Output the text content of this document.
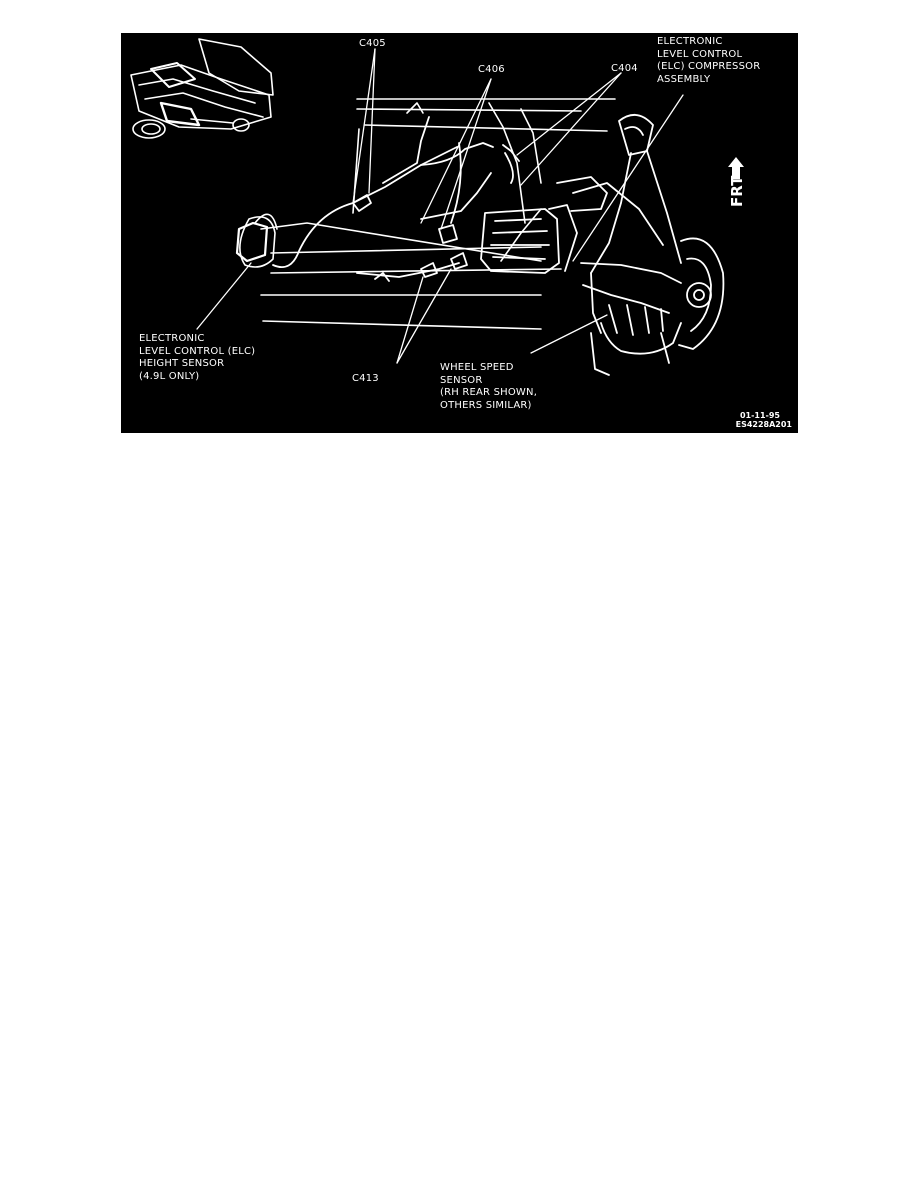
C405
C406	C404
ELECTRONIC
LEVEL CONTROL
(ELC) COMPRESSOR
ASSEMBLY
ELECTRONIC
LEVEL CONTROL (ELC)
HEIGHT SENSOR
(4.9L ONLY)	C413
WHEEL SPEED
SENSOR
(RH REAR SHOWN,
OTHERS SIMILAR)
FRT
01-11-95
ES4228A201
